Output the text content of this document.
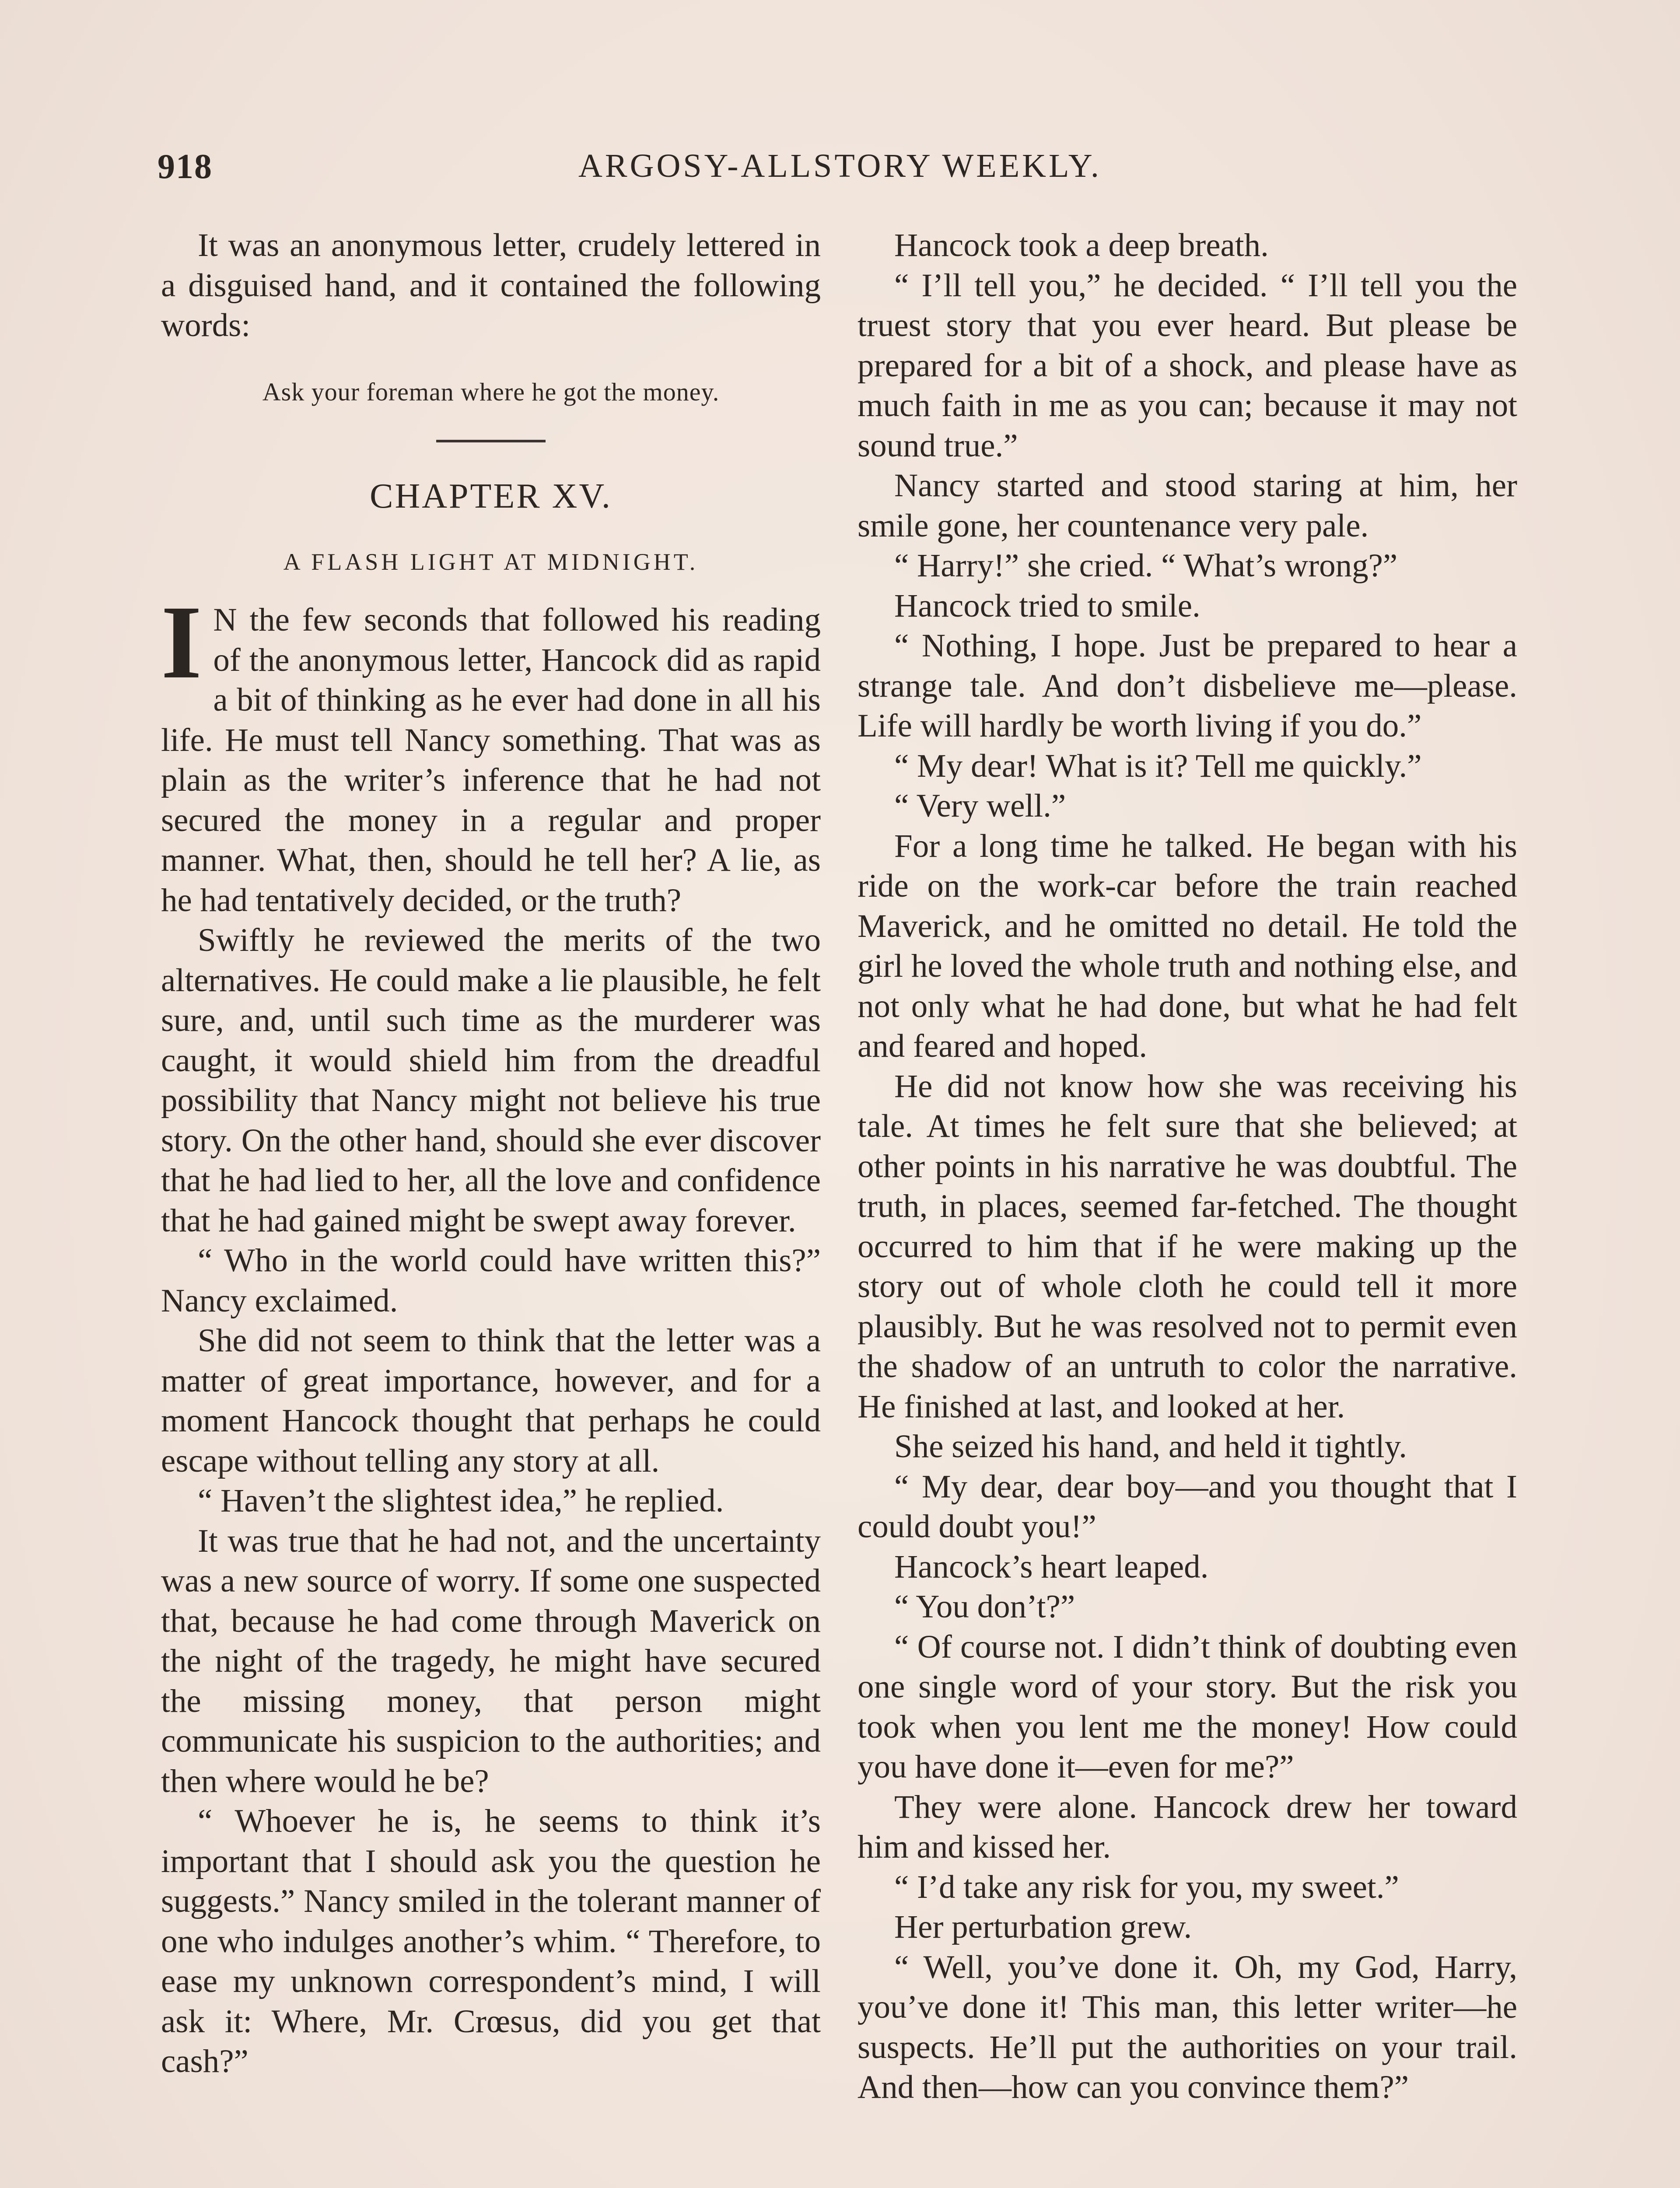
918	ARGOSY-ALLSTORY WEEKLY.

It was an anonymous letter, crudely lettered in a disguised hand, and it contained the following words:

Ask your foreman where he got the money.
CHAPTER XV.
A FLASH LIGHT AT MIDNIGHT.

I N the few seconds that followed his reading of the anonymous letter, Hancock did as rapid a bit of thinking as he ever had done in all his life. He must tell Nancy something. That was as plain as the writer’s inference that he had not secured the money in a regular and proper manner. What, then, should he tell her? A lie, as he had tentatively decided, or the truth?

Swiftly he reviewed the merits of the two alternatives. He could make a lie plausible, he felt sure, and, until such time as the murderer was caught, it would shield him from the dreadful possibility that Nancy might not believe his true story. On the other hand, should she ever discover that he had lied to her, all the love and confidence that he had gained might be swept away forever.

“ Who in the world could have written this?” Nancy exclaimed.

She did not seem to think that the letter was a matter of great importance, however, and for a moment Hancock thought that perhaps he could escape without telling any story at all.

“ Haven’t the slightest idea,” he replied.

It was true that he had not, and the uncertainty was a new source of worry. If some one suspected that, because he had come through Maverick on the night of the tragedy, he might have secured the missing money, that person might communicate his suspicion to the authorities; and then where would he be?

“ Whoever he is, he seems to think it’s important that I should ask you the question he suggests.” Nancy smiled in the tolerant manner of one who indulges another’s whim. “ Therefore, to ease my unknown correspondent’s mind, I will ask it: Where, Mr. Crœsus, did you get that cash?”

Hancock took a deep breath.

“ I’ll tell you,” he decided. “ I’ll tell you the truest story that you ever heard. But please be prepared for a bit of a shock, and please have as much faith in me as you can; because it may not sound true.”

Nancy started and stood staring at him, her smile gone, her countenance very pale.

“ Harry!” she cried. “ What’s wrong?”

Hancock tried to smile.

“ Nothing, I hope. Just be prepared to hear a strange tale. And don’t disbelieve me—please. Life will hardly be worth living if you do.”

“ My dear! What is it? Tell me quickly.”

“ Very well.”

For a long time he talked. He began with his ride on the work-car before the train reached Maverick, and he omitted no detail. He told the girl he loved the whole truth and nothing else, and not only what he had done, but what he had felt and feared and hoped.

He did not know how she was receiving his tale. At times he felt sure that she believed; at other points in his narrative he was doubtful. The truth, in places, seemed far-fetched. The thought occurred to him that if he were making up the story out of whole cloth he could tell it more plausibly. But he was resolved not to permit even the shadow of an untruth to color the narrative. He finished at last, and looked at her.

She seized his hand, and held it tightly.

“ My dear, dear boy—and you thought that I could doubt you!”

Hancock’s heart leaped.

“ You don’t?”

“ Of course not. I didn’t think of doubting even one single word of your story. But the risk you took when you lent me the money! How could you have done it—even for me?”

They were alone. Hancock drew her toward him and kissed her.

“ I’d take any risk for you, my sweet.”

Her perturbation grew.

“ Well, you’ve done it. Oh, my God, Harry, you’ve done it! This man, this letter writer—he suspects. He’ll put the authorities on your trail. And then—how can you convince them?”
